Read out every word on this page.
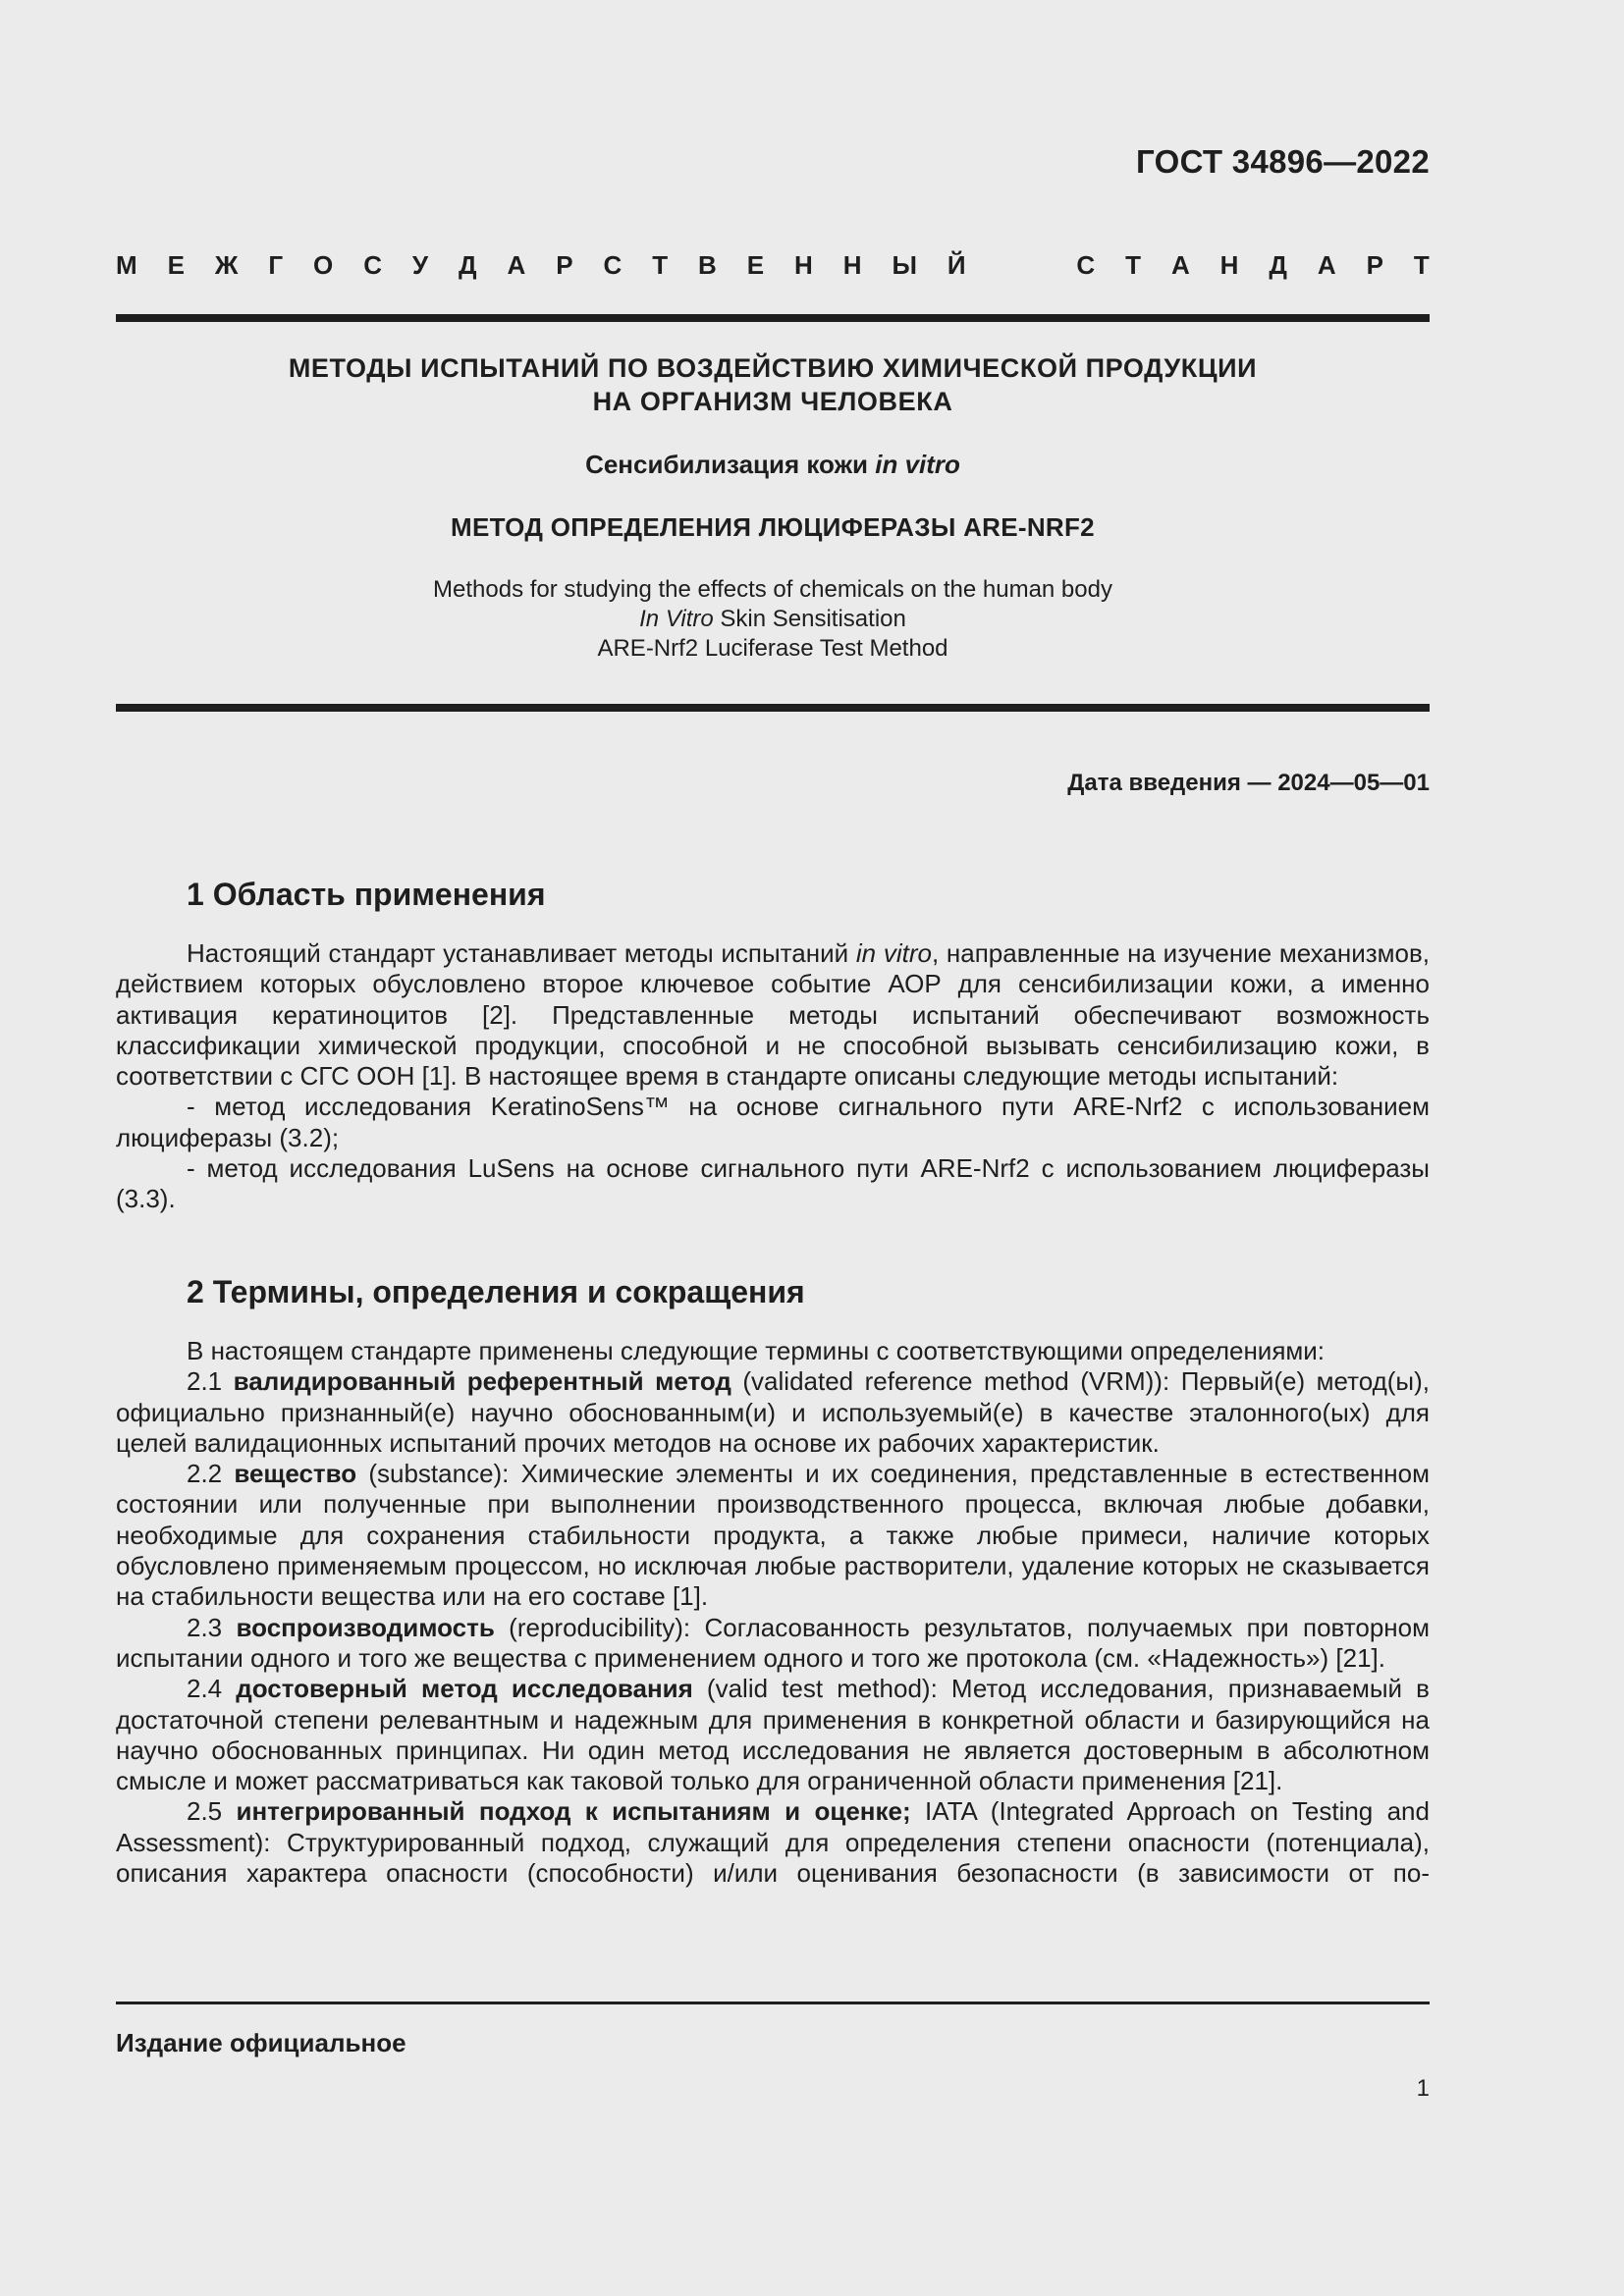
ГОСТ 34896—2022
М Е Ж Г О С У Д А Р С Т В Е Н Н Ы Й	С Т А Н Д А Р Т
МЕТОДЫ ИСПЫТАНИЙ ПО ВОЗДЕЙСТВИЮ ХИМИЧЕСКОЙ ПРОДУКЦИИ
НА ОРГАНИЗМ ЧЕЛОВЕКА
Сенсибилизация кожи in vitro
МЕТОД ОПРЕДЕЛЕНИЯ ЛЮЦИФЕРАЗЫ ARE-NRF2
Methods for studying the effects of chemicals on the human body
In Vitro Skin Sensitisation
ARE-Nrf2 Luciferase Test Method
Дата введения — 2024—05—01
1 Область применения

Настоящий стандарт устанавливает методы испытаний in vitro, направленные на изучение механизмов, действием которых обусловлено второе ключевое событие АОР для сенсибилизации кожи, а именно активация кератиноцитов [2]. Представленные методы испытаний обеспечивают возможность классификации химической продукции, способной и не способной вызывать сенсибилизацию кожи, в соответствии с СГС ООН [1]. В настоящее время в стандарте описаны следующие методы испытаний:

- метод исследования KeratinoSens™ на основе сигнального пути ARE-Nrf2 с использованием люциферазы (3.2);

- метод исследования LuSens на основе сигнального пути ARE-Nrf2 с использованием люциферазы (3.3).

2 Термины, определения и сокращения

В настоящем стандарте применены следующие термины с соответствующими определениями:

2.1 валидированный референтный метод (validated reference method (VRM)): Первый(е) метод(ы), официально признанный(е) научно обоснованным(и) и используемый(е) в качестве эталонного(ых) для целей валидационных испытаний прочих методов на основе их рабочих характеристик.

2.2 вещество (substance): Химические элементы и их соединения, представленные в естественном состоянии или полученные при выполнении производственного процесса, включая любые добавки, необходимые для сохранения стабильности продукта, а также любые примеси, наличие которых обусловлено применяемым процессом, но исключая любые растворители, удаление которых не сказывается на стабильности вещества или на его составе [1].

2.3 воспроизводимость (reproducibility): Согласованность результатов, получаемых при повторном испытании одного и того же вещества с применением одного и того же протокола (см. «Надежность») [21].

2.4 достоверный метод исследования (valid test method): Метод исследования, признаваемый в достаточной степени релевантным и надежным для применения в конкретной области и базирующийся на научно обоснованных принципах. Ни один метод исследования не является достоверным в абсолютном смысле и может рассматриваться как таковой только для ограниченной области применения [21].

2.5 интегрированный подход к испытаниям и оценке; IATA (Integrated Approach on Testing and Assessment): Структурированный подход, служащий для определения степени опасности (потенциала), описания характера опасности (способности) и/или оценивания безопасности (в зависимости от по-

Издание официальное
1
